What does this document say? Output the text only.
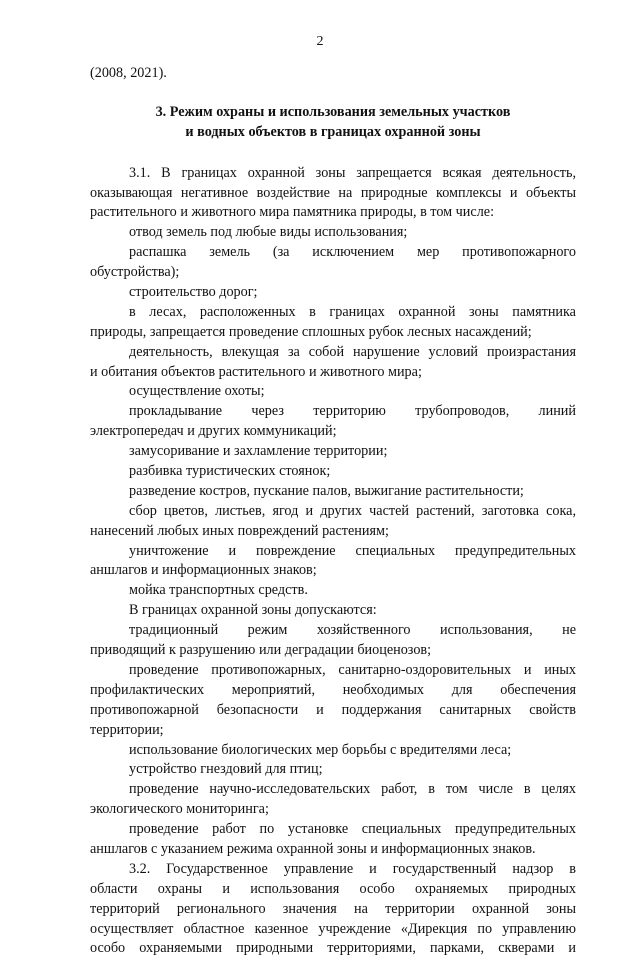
2
(2008, 2021).
3. Режим охраны и использования земельных участков
и водных объектов в границах охранной зоны
3.1. В границах охранной зоны запрещается всякая деятельность,
оказывающая негативное воздействие на природные комплексы и объекты
растительного и животного мира памятника природы, в том числе:
отвод земель под любые виды использования;
распашка земель (за исключением мер противопожарного
обустройства);
строительство дорог;
в лесах, расположенных в границах охранной зоны памятника
природы, запрещается проведение сплошных рубок лесных насаждений;
деятельность, влекущая за собой нарушение условий произрастания
и обитания объектов растительного и животного мира;
осуществление охоты;
прокладывание через территорию трубопроводов, линий
электропередач и других коммуникаций;
замусоривание и захламление территории;
разбивка туристических стоянок;
разведение костров, пускание палов, выжигание растительности;
сбор цветов, листьев, ягод и других частей растений, заготовка сока,
нанесений любых иных повреждений растениям;
уничтожение и повреждение специальных предупредительных
аншлагов и информационных знаков;
мойка транспортных средств.
В границах охранной зоны допускаются:
традиционный режим хозяйственного использования, не
приводящий к разрушению или деградации биоценозов;
проведение противопожарных, санитарно-оздоровительных и иных
профилактических мероприятий, необходимых для обеспечения
противопожарной безопасности и поддержания санитарных свойств
территории;
использование биологических мер борьбы с вредителями леса;
устройство гнездовий для птиц;
проведение научно-исследовательских работ, в том числе в целях
экологического мониторинга;
проведение работ по установке специальных предупредительных
аншлагов с указанием режима охранной зоны и информационных знаков.
3.2. Государственное управление и государственный надзор в
области охраны и использования особо охраняемых природных
территорий регионального значения на территории охранной зоны
осуществляет областное казенное учреждение «Дирекция по управлению
особо охраняемыми природными территориями, парками, скверами и
